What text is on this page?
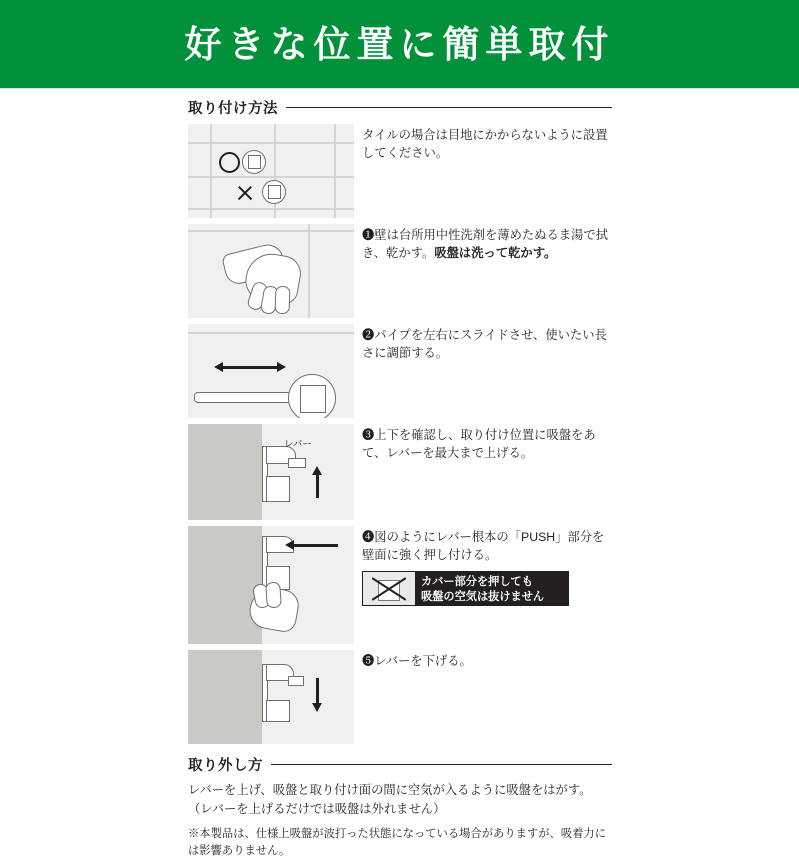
好きな位置に簡単取付
取り付け方法
タイルの場合は目地にかからないように設置してください。
❶壁は台所用中性洗剤を薄めたぬるま湯で拭き、乾かす。吸盤は洗って乾かす。
❷パイプを左右にスライドさせ、使いたい長さに調節する。
レバー
❸上下を確認し、取り付け位置に吸盤をあて、レバーを最大まで上げる。
❹図のようにレバー根本の「PUSH」部分を壁面に強く押し付ける。
カバー部分を押しても
吸盤の空気は抜けません
❺レバーを下げる。
取り外し方
レバーを上げ、吸盤と取り付け面の間に空気が入るように吸盤をはがす。
（レバーを上げるだけでは吸盤は外れません）
※本製品は、仕様上吸盤が波打った状態になっている場合がありますが、吸着力には影響ありません。
